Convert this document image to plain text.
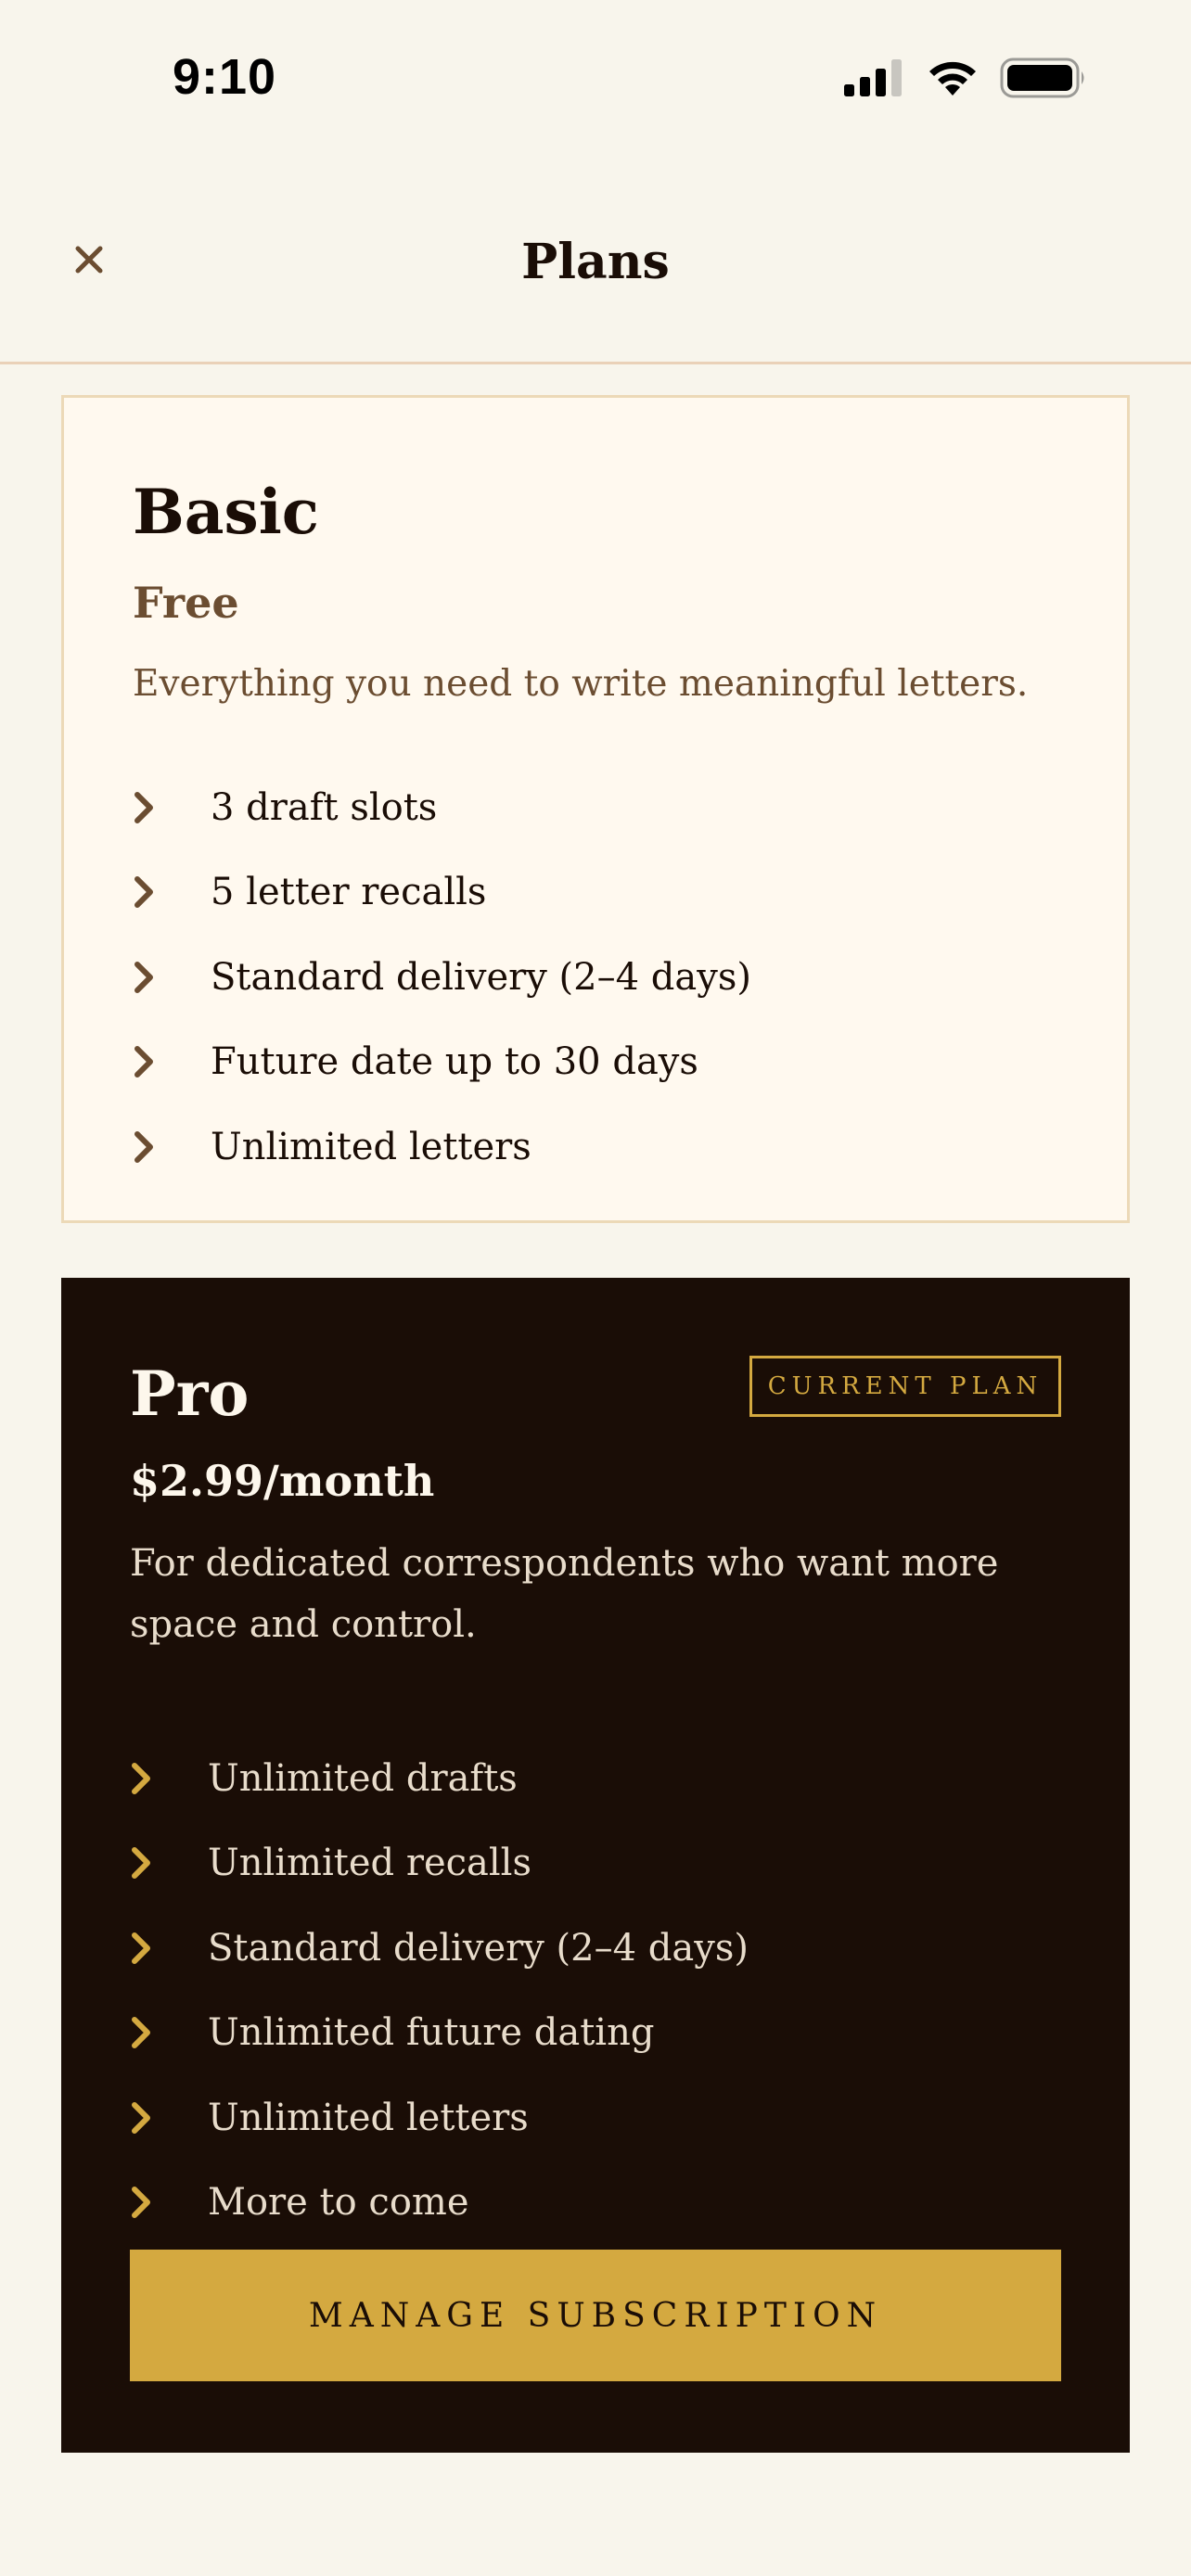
9:10
Plans
Basic
Free
Everything you need to write meaningful letters.
3 draft slots
5 letter recalls
Standard delivery (2–4 days)
Future date up to 30 days
Unlimited letters
Pro	CURRENT PLAN
$2.99/month
For dedicated correspondents who want more space and control.
Unlimited drafts
Unlimited recalls
Standard delivery (2–4 days)
Unlimited future dating
Unlimited letters
More to come
MANAGE SUBSCRIPTION
